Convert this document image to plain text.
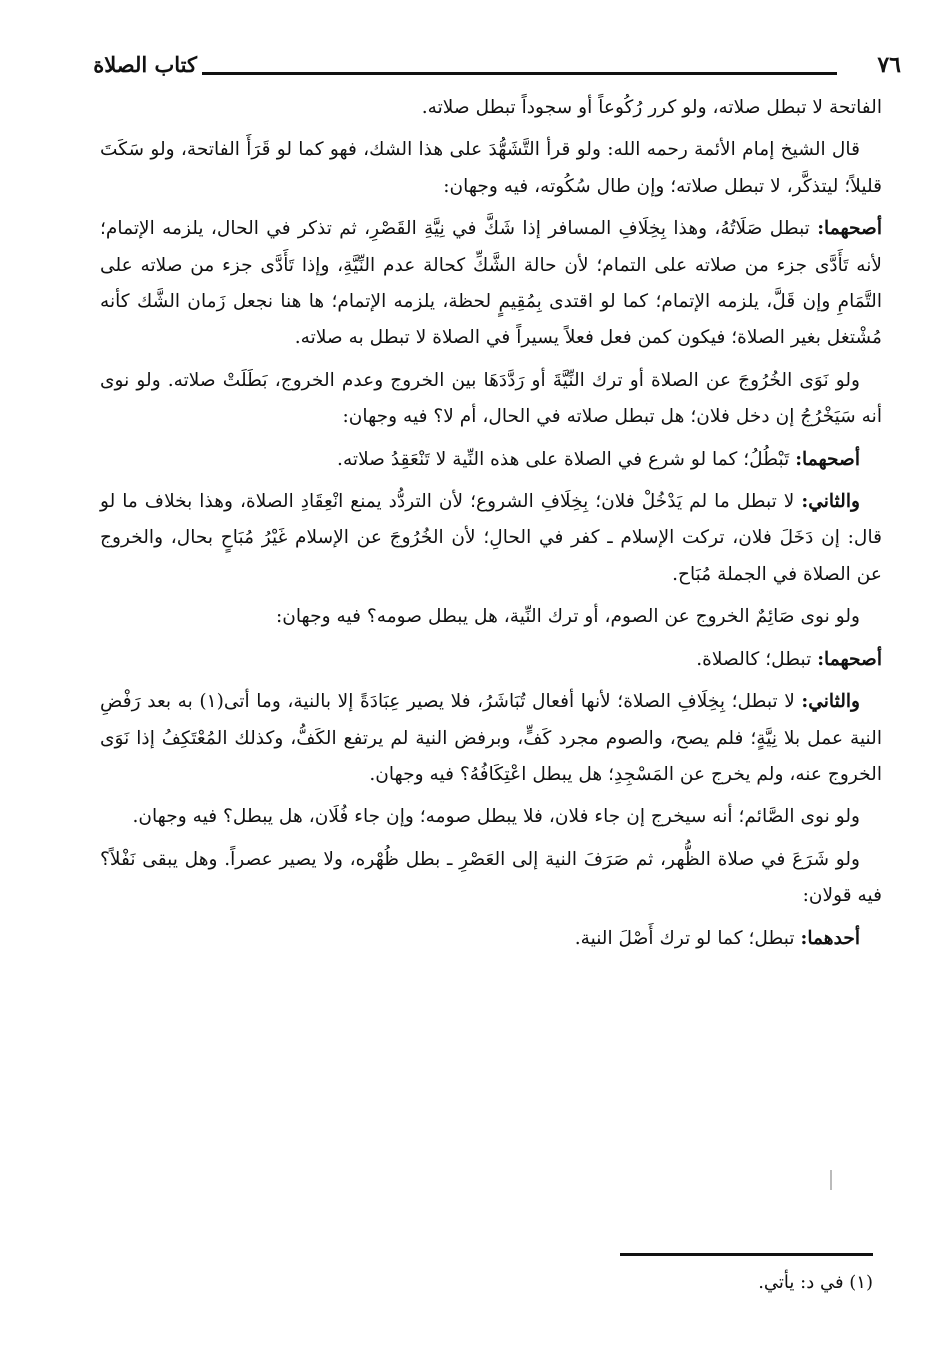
كتاب الصلاة	٧٦

الفاتحة لا تبطل صلاته، ولو كرر رُكُوعاً أو سجوداً تبطل صلاته.

قال الشيخ إمام الأئمة رحمه الله: ولو قرأ التَّشَهُّدَ على هذا الشك، فهو كما لو قَرَأَ الفاتحة، ولو سَكَتَ قليلاً؛ ليتذكَّر، لا تبطل صلاته؛ وإن طال سُكُوته، فيه وجهان:

أصحهما: تبطل صَلَاتُهُ، وهذا بِخِلَافِ المسافر إذا شَكَّ في نِيَّةِ القَصْرِ، ثم تذكر في الحال، يلزمه الإتمام؛ لأنه تَأَدَّى جزء من صلاته على التمام؛ لأن حالة الشَّكِّ كحالة عدم النِّيَّةِ، وإذا تَأَدَّى جزء من صلاته على التَّمَامِ وإن قَلَّ، يلزمه الإتمام؛ كما لو اقتدى بِمُقِيمٍ لحظة، يلزمه الإتمام؛ ها هنا نجعل زَمان الشَّك كأنه مُشْتغل بغير الصلاة؛ فيكون كمن فعل فعلاً يسيراً في الصلاة لا تبطل به صلاته.

ولو نَوَى الخُرُوجَ عن الصلاة أو ترك النِّيَّةَ أو رَدَّدَهَا بين الخروج وعدم الخروج، بَطَلَتْ صلاته. ولو نوى أنه سَيَخْرُجُ إن دخل فلان؛ هل تبطل صلاته في الحال، أم لا؟ فيه وجهان:

أصحهما: تَبْطُلُ؛ كما لو شرع في الصلاة على هذه النِّية لا تَنْعَقِدُ صلاته.

والثاني: لا تبطل ما لم يَدْخُلْ فلان؛ بِخِلَافِ الشروع؛ لأن التردُّد يمنع انْعِقَادِ الصلاة، وهذا بخلاف ما لو قال: إن دَخَلَ فلان، تركت الإسلام ـ كفر في الحالِ؛ لأن الخُرُوجَ عن الإسلام غَيْرُ مُبَاحٍ بحال، والخروج عن الصلاة في الجملة مُبَاح.

ولو نوى صَائِمٌ الخروج عن الصوم، أو ترك النِّية، هل يبطل صومه؟ فيه وجهان:

أصحهما: تبطل؛ كالصلاة.

والثاني: لا تبطل؛ بِخِلَافِ الصلاة؛ لأنها أفعال تُبَاشَرُ، فلا يصير عِبَادَةً إلا بالنية، وما أتى(١) به بعد رَفْضِ النية عمل بلا نِيَّةٍ؛ فلم يصح، والصوم مجرد كَفٍّ، وبرفض النية لم يرتفع الكَفُّ، وكذلك المُعْتَكِفُ إذا نَوَى الخروج عنه، ولم يخرج عن المَسْجِدِ؛ هل يبطل اعْتِكَافُهُ؟ فيه وجهان.

ولو نوى الصَّائم؛ أنه سيخرج إن جاء فلان، فلا يبطل صومه؛ وإن جاء فُلَان، هل يبطل؟ فيه وجهان.

ولو شَرَعَ في صلاة الظُّهر، ثم صَرَفَ النية إلى العَصْرِ ـ بطل ظُهْره، ولا يصير عصراً. وهل يبقى نَفْلاً؟ فيه قولان:

أحدهما: تبطل؛ كما لو ترك أَصْلَ النية.

(١) في د: يأتي.
